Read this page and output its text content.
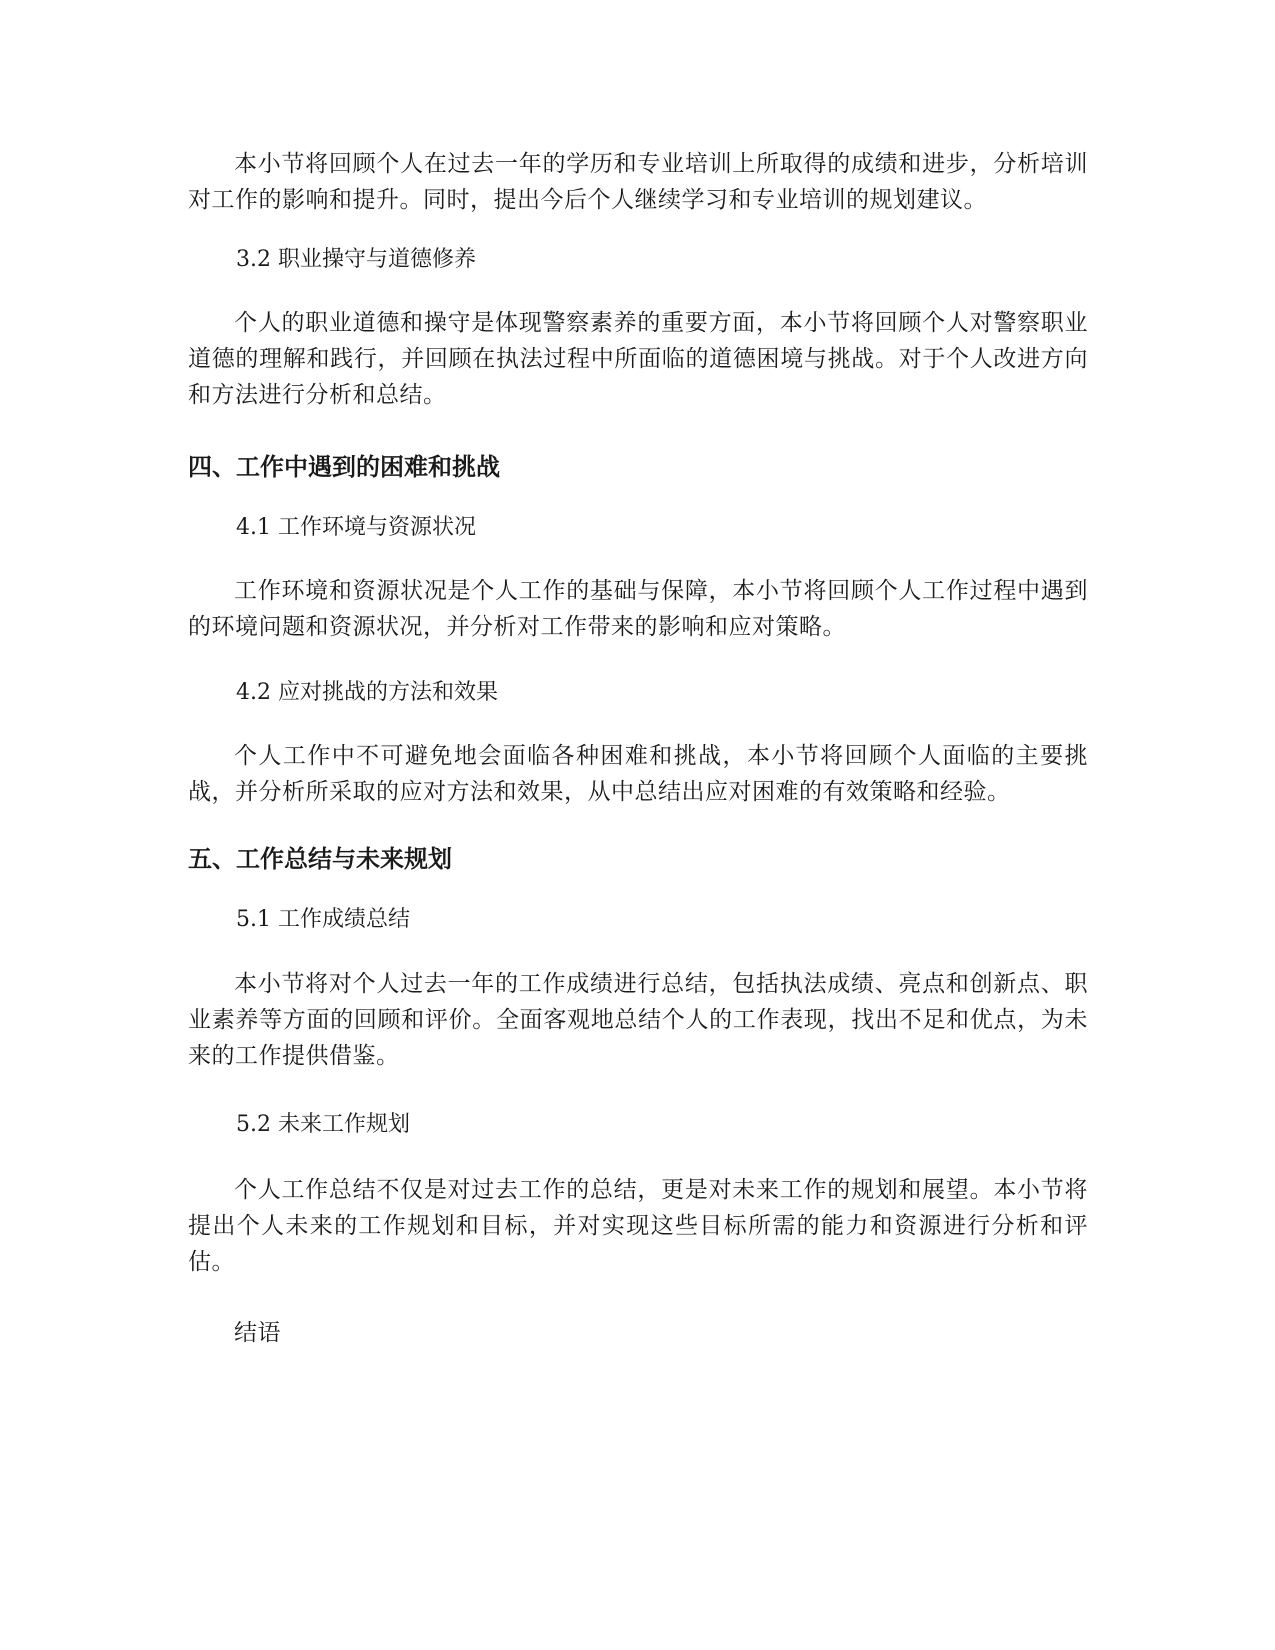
本小节将回顾个人在过去一年的学历和专业培训上所取得的成绩和进步，分析培训对工作的影响和提升。同时，提出今后个人继续学习和专业培训的规划建议。

3.2 职业操守与道德修养

个人的职业道德和操守是体现警察素养的重要方面，本小节将回顾个人对警察职业道德的理解和践行，并回顾在执法过程中所面临的道德困境与挑战。对于个人改进方向和方法进行分析和总结。

四、工作中遇到的困难和挑战
4.1 工作环境与资源状况

工作环境和资源状况是个人工作的基础与保障，本小节将回顾个人工作过程中遇到的环境问题和资源状况，并分析对工作带来的影响和应对策略。

4.2 应对挑战的方法和效果

个人工作中不可避免地会面临各种困难和挑战，本小节将回顾个人面临的主要挑战，并分析所采取的应对方法和效果，从中总结出应对困难的有效策略和经验。

五、工作总结与未来规划
5.1 工作成绩总结

本小节将对个人过去一年的工作成绩进行总结，包括执法成绩、亮点和创新点、职业素养等方面的回顾和评价。全面客观地总结个人的工作表现，找出不足和优点，为未来的工作提供借鉴。

5.2 未来工作规划

个人工作总结不仅是对过去工作的总结，更是对未来工作的规划和展望。本小节将提出个人未来的工作规划和目标，并对实现这些目标所需的能力和资源进行分析和评估。

结语
